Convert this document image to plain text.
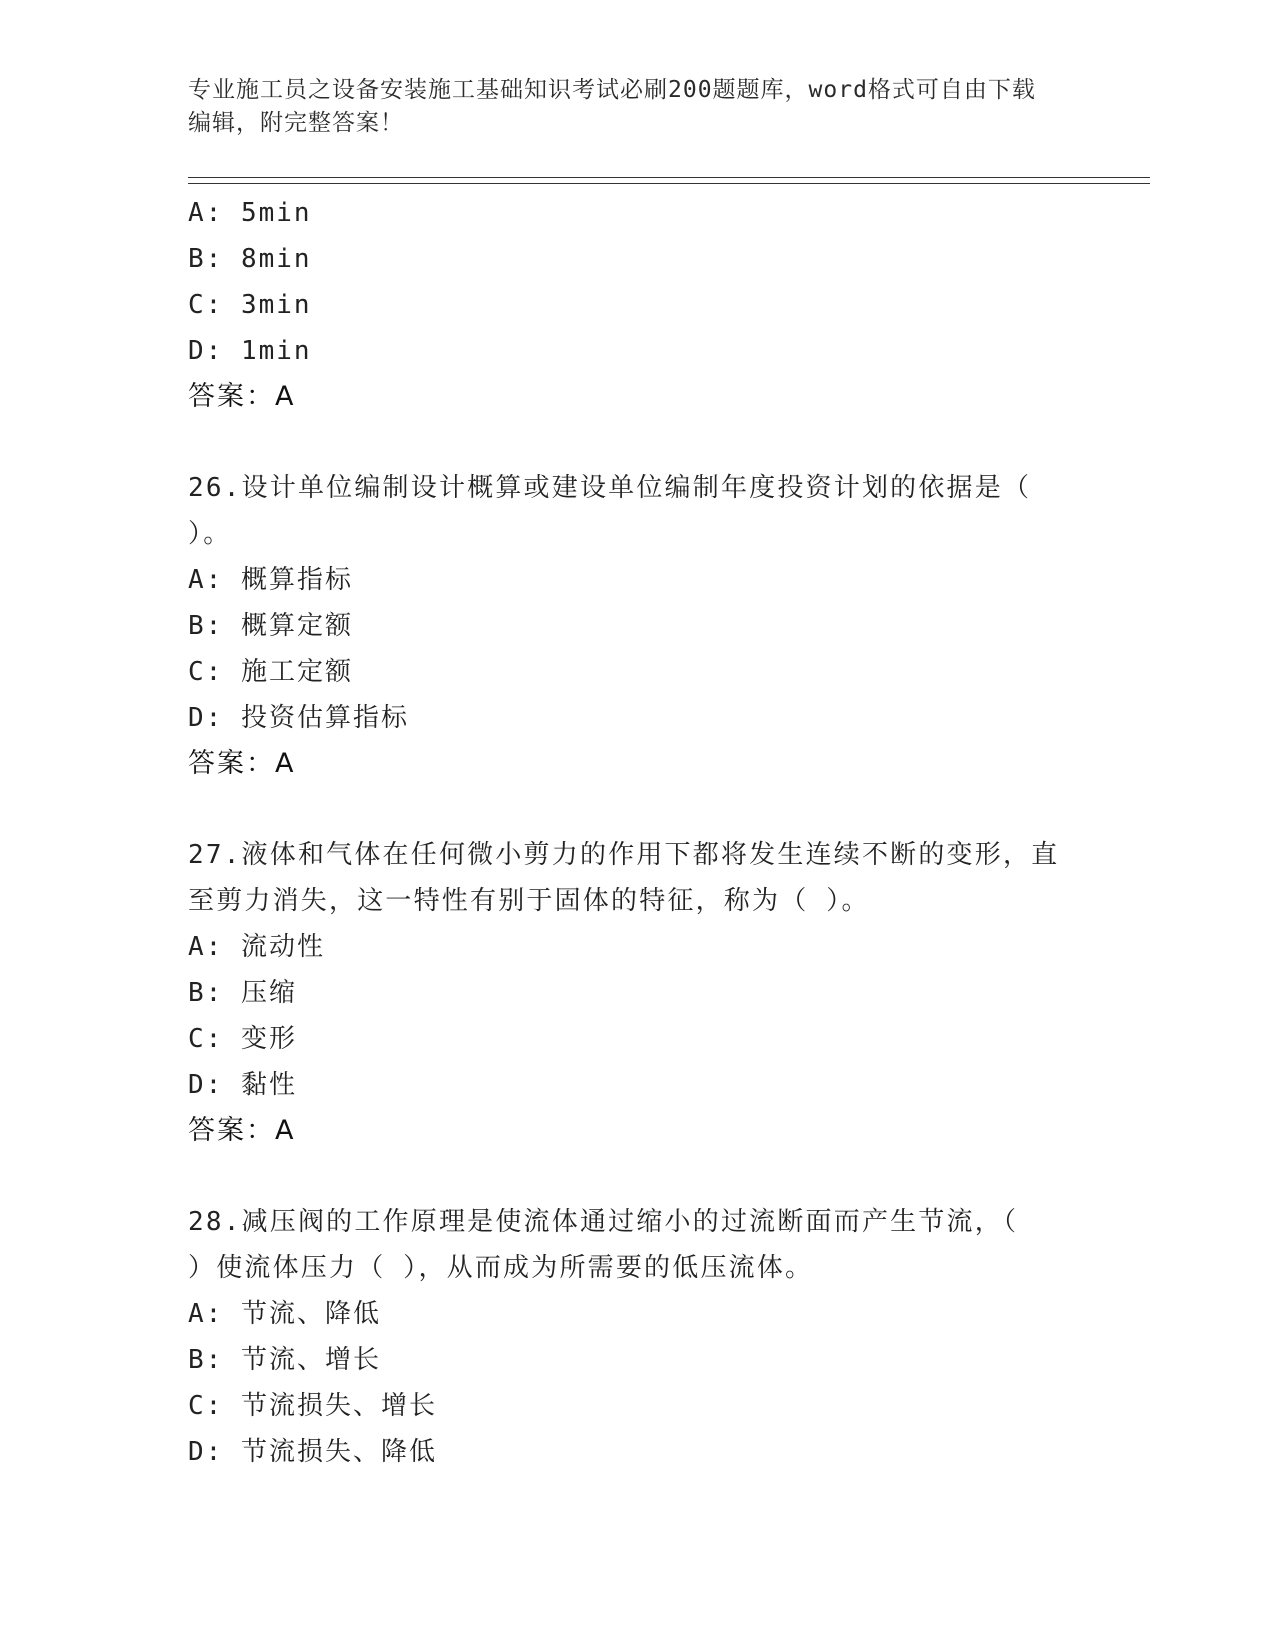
专业施工员之设备安装施工基础知识考试必刷200题题库，word格式可自由下载
编辑，附完整答案！
A: 5min
B: 8min
C: 3min
D: 1min
答案：A
26.设计单位编制设计概算或建设单位编制年度投资计划的依据是（
）。
A: 概算指标
B: 概算定额
C: 施工定额
D: 投资估算指标
答案：A
27.液体和气体在任何微小剪力的作用下都将发生连续不断的变形，直
至剪力消失，这一特性有别于固体的特征，称为（ ）。
A: 流动性
B: 压缩
C: 变形
D: 黏性
答案：A
28.减压阀的工作原理是使流体通过缩小的过流断面而产生节流，（
）使流体压力（ ），从而成为所需要的低压流体。
A: 节流、降低
B: 节流、增长
C: 节流损失、增长
D: 节流损失、降低
